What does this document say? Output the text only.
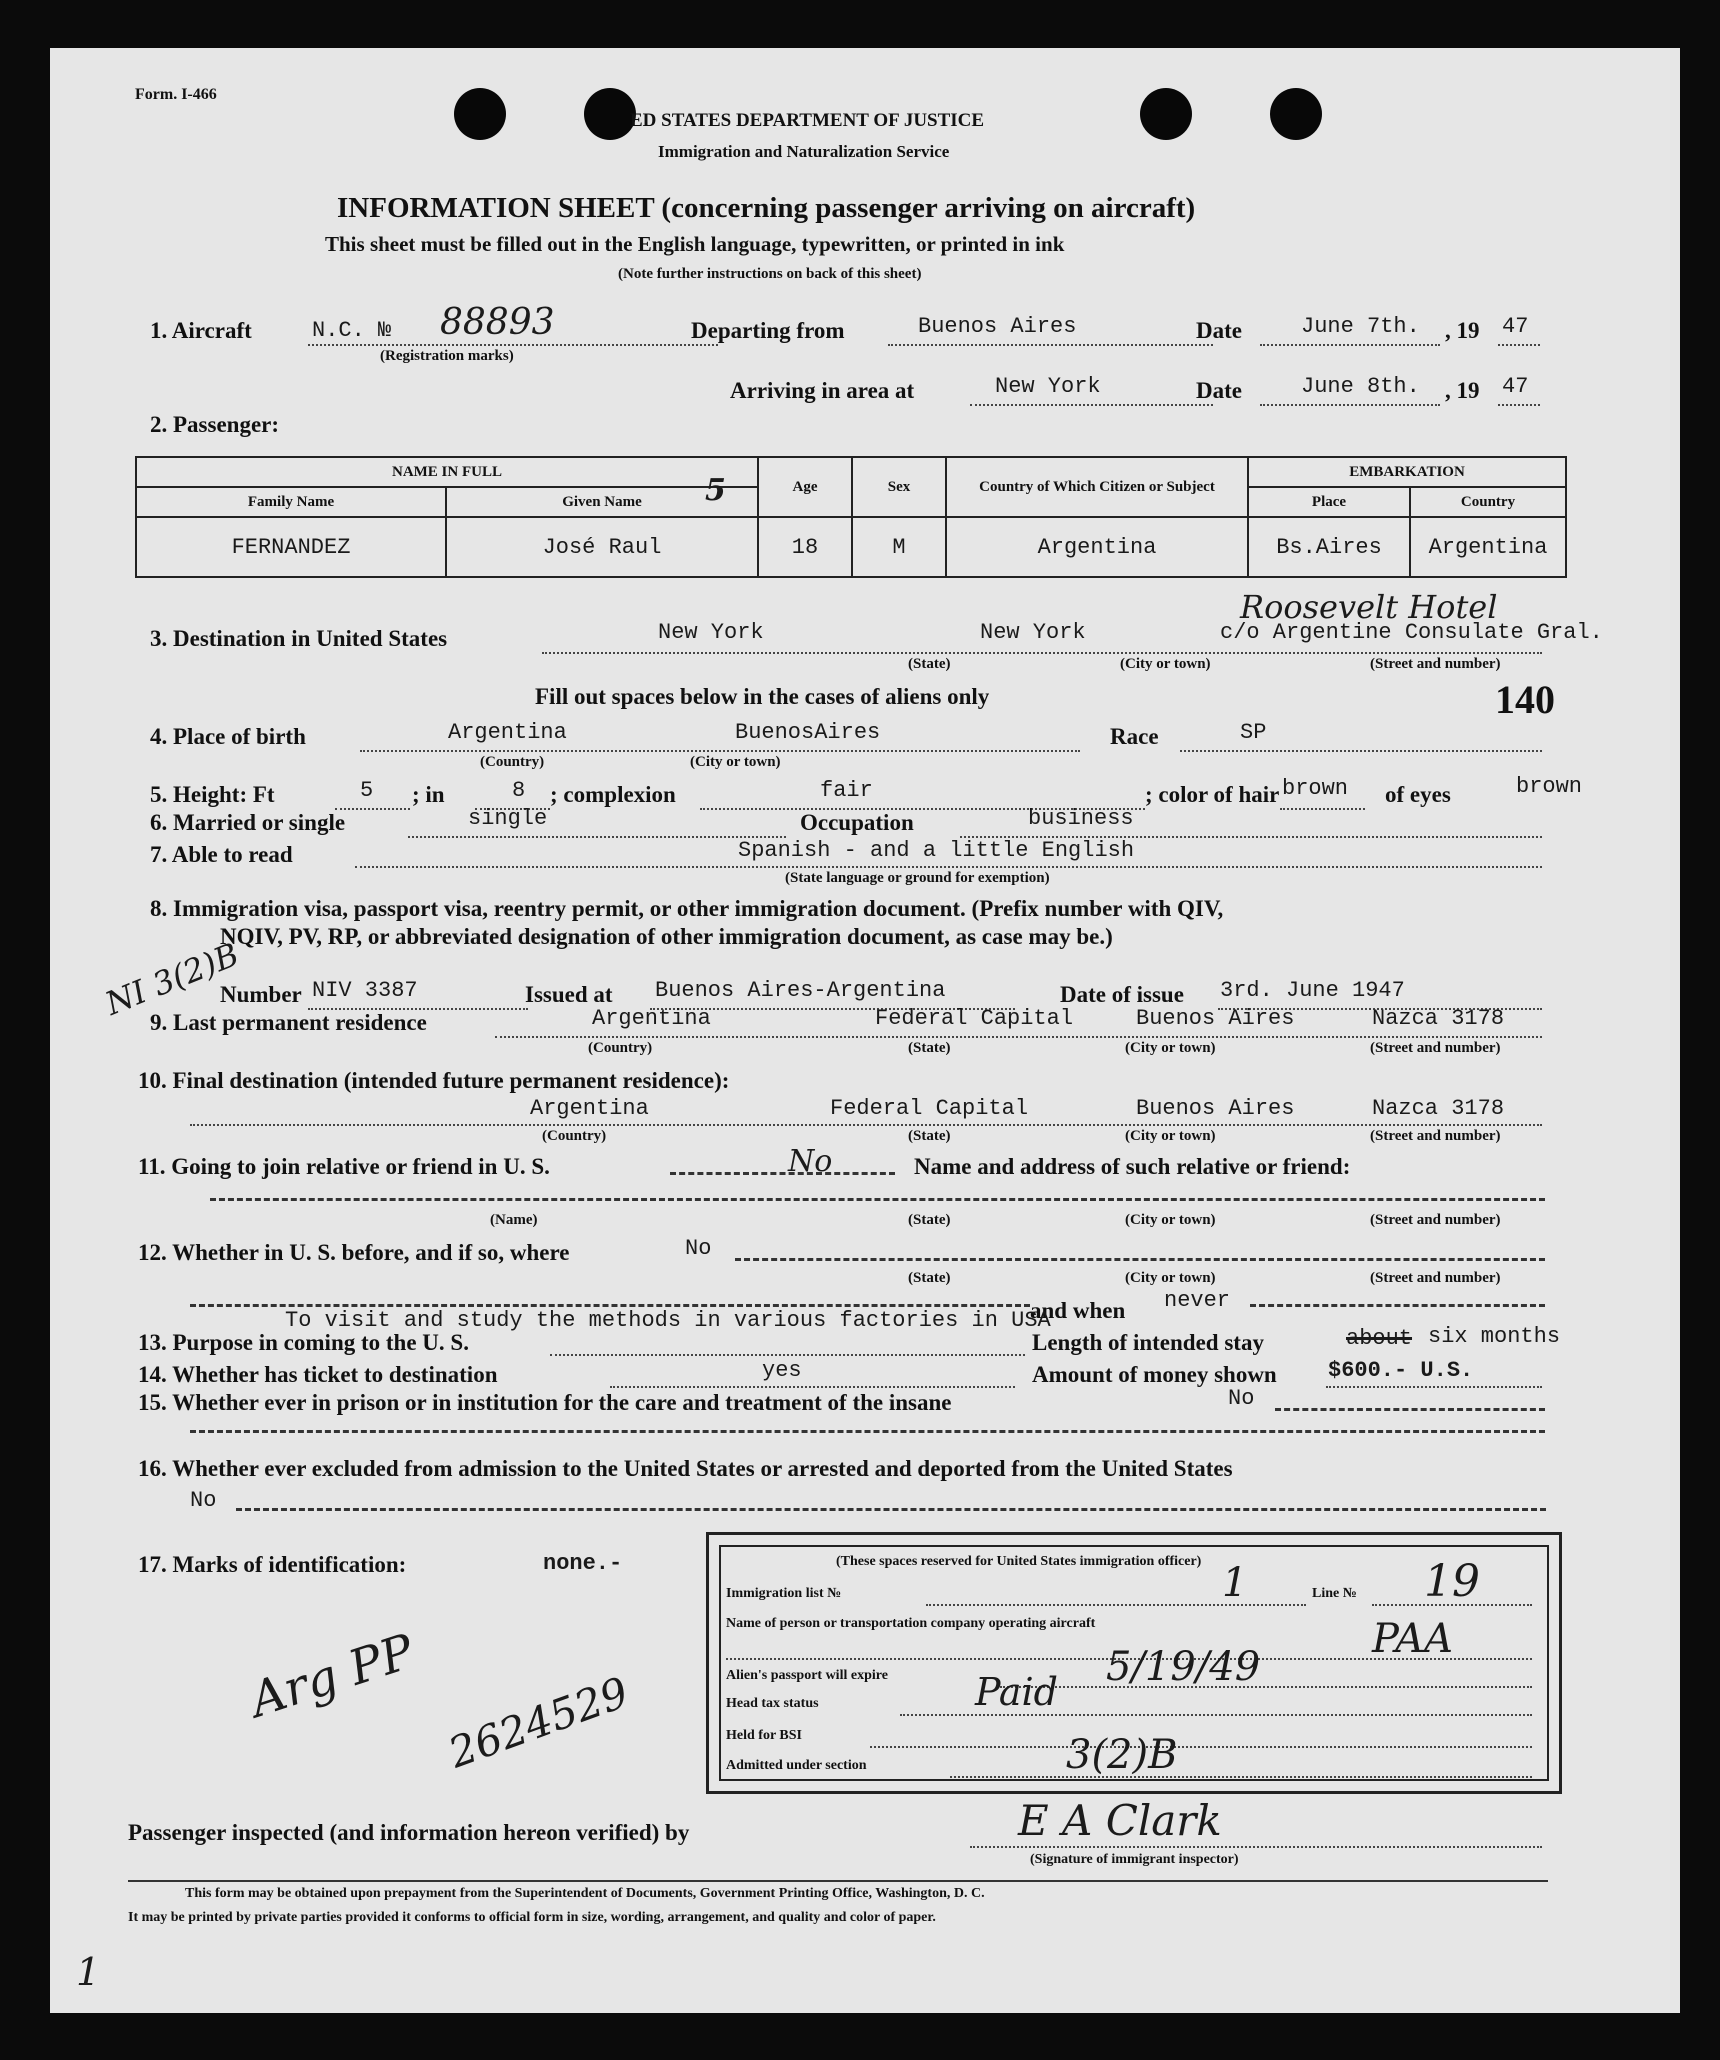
Form. I-466
ED STATES DEPARTMENT OF JUSTICE
Immigration and Naturalization Service
INFORMATION SHEET (concerning passenger arriving on aircraft)
This sheet must be filled out in the English language, typewritten, or printed in ink
(Note further instructions on back of this sheet)
1. Aircraft	N.C. № 88893
(Registration marks)
Departing from	Buenos Aires	Date	June 7th. , 19 47
Arriving in area at	New York	Date	June 8th. , 19 47
2. Passenger:
NAME IN FULL		Age	Sex	Country of Which Citizen or Subject	EMBARKATION	
Family Name	Given Name				Place	Country
FERNANDEZ	José Raul	18	M	Argentina	Bs.Aires	Argentina
5
3. Destination in United States	New York	New York	c/o Argentine Consulate Gral.
Roosevelt Hotel
(State)	(City or town)	(Street and number)
Fill out spaces below in the cases of aliens only	140
4. Place of birth	Argentina	BuenosAires
(Country)	(City or town)
Race	SP
5. Height: Ft	5 ; in	8 ; complexion	fair	; color of hair brown of eyes	brown
6. Married or single	single	Occupation	business
7. Able to read	Spanish - and a little English
(State language or ground for exemption)
8. Immigration visa, passport visa, reentry permit, or other immigration document. (Prefix number with QIV,
NQIV, PV, RP, or abbreviated designation of other immigration document, as case may be.)
NI 3(2)B
Number NIV 3387	Issued at Buenos Aires-Argentina	Date of issue 3rd. June 1947
9. Last permanent residence	Argentina	Federal Capital	Buenos Aires	Nazca 3178
(Country)	(State)	(City or town)	(Street and number)
10. Final destination (intended future permanent residence):
Argentina	Federal Capital	Buenos Aires	Nazca 3178
(Country)	(State)	(City or town)	(Street and number)
11. Going to join relative or friend in U. S.	No	Name and address of such relative or friend:
(Name)	(State)	(City or town)	(Street and number)
12. Whether in U. S. before, and if so, where	No
(State)	(City or town)	(Street and number)
and when never
To visit and study the methods in various factories in USA
13. Purpose in coming to the U. S.	Length of intended stay	about six months
14. Whether has ticket to destination	yes	Amount of money shown $600.- U.S.
15. Whether ever in prison or in institution for the care and treatment of the insane	No
16. Whether ever excluded from admission to the United States or arrested and deported from the United States
No
17. Marks of identification:	none.-
Arg PP 2624529
(These spaces reserved for United States immigration officer)
Immigration list №	1	Line № 19
Name of person or transportation company operating aircraft	PAA
Alien's passport will expire	5/19/49
Head tax status	Paid
Held for BSI
Admitted under section	3(2)B
Passenger inspected (and information hereon verified) by	E A Clark
(Signature of immigrant inspector)
This form may be obtained upon prepayment from the Superintendent of Documents, Government Printing Office, Washington, D. C.
It may be printed by private parties provided it conforms to official form in size, wording, arrangement, and quality and color of paper.
1
